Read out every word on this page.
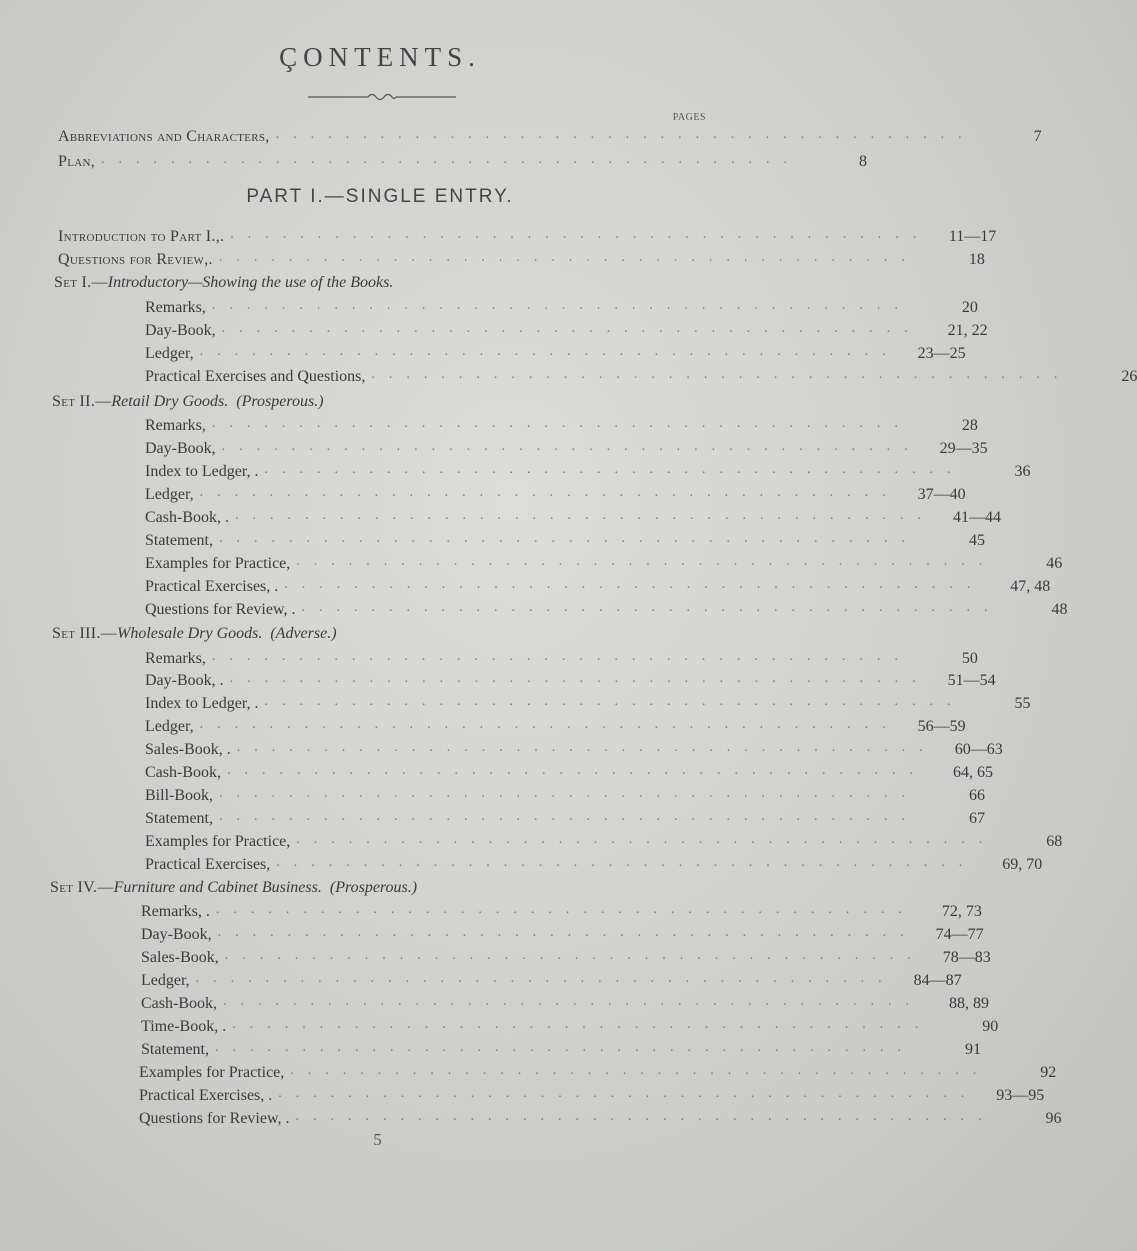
ÇONTENTS.
PAGES
Abbreviations and Characters, ........................................	7
Plan, ........................................	8
PART I.—SINGLE ENTRY.
Introduction to Part I.,. ........................................	11—17
Questions for Review,. ........................................	18
Set I.—Introductory—Showing the use of the Books.
Remarks, ........................................	20
Day-Book, ........................................	21, 22
Ledger, ........................................	23—25
Practical Exercises and Questions, ........................................	26
Set II.—Retail Dry Goods. (Prosperous.)
Remarks, ........................................	28
Day-Book, ........................................	29—35
Index to Ledger, . ........................................	36
Ledger, ........................................	37—40
Cash-Book, . ........................................	41—44
Statement, ........................................	45
Examples for Practice, ........................................	46
Practical Exercises, . ........................................	47, 48
Questions for Review, . ........................................	48
Set III.—Wholesale Dry Goods. (Adverse.)
Remarks, ........................................	50
Day-Book, . ........................................	51—54
Index to Ledger, . ........................................	55
Ledger, ........................................	56—59
Sales-Book, . ........................................	60—63
Cash-Book, ........................................	64, 65
Bill-Book, ........................................	66
Statement, ........................................	67
Examples for Practice, ........................................	68
Practical Exercises, ........................................	69, 70
Set IV.—Furniture and Cabinet Business. (Prosperous.)
Remarks, . ........................................	72, 73
Day-Book, ........................................	74—77
Sales-Book, ........................................	78—83
Ledger, ........................................	84—87
Cash-Book, ........................................	88, 89
Time-Book, . ........................................	90
Statement, ........................................	91
Examples for Practice, ........................................	92
Practical Exercises, . ........................................	93—95
Questions for Review, . ........................................	96
5
